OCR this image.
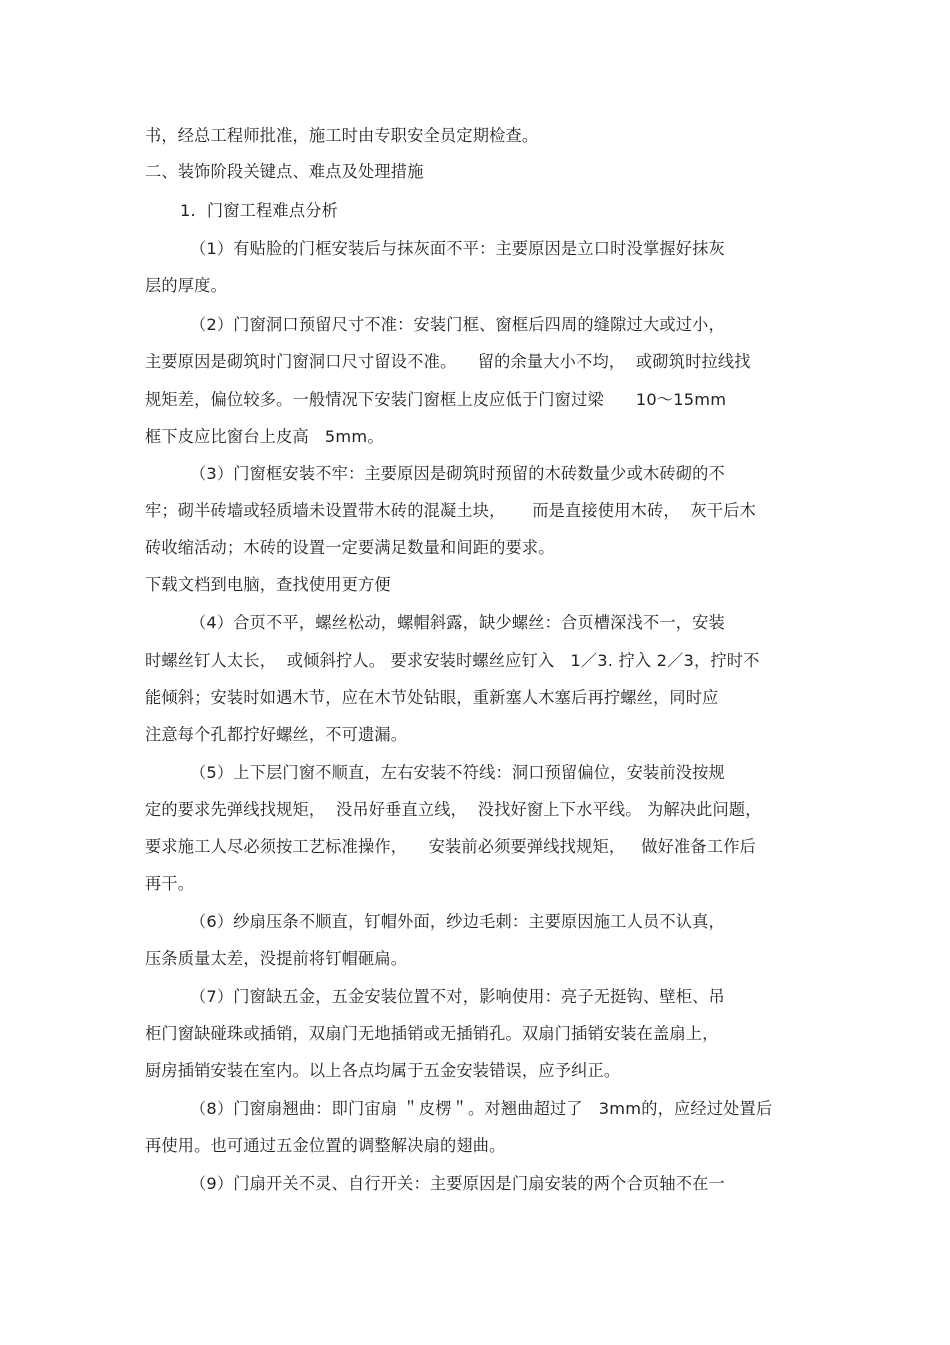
书，经总工程师批准，施工时由专职安全员定期检查。
二、装饰阶段关键点、难点及处理措施
1．门窗工程难点分析
（1）有贴脸的门框安装后与抹灰面不平：主要原因是立口时没掌握好抹灰
层的厚度。
（2）门窗洞口预留尺寸不准：安装门框、窗框后四周的缝隙过大或过小，
主要原因是砌筑时门窗洞口尺寸留设不准。    留的余量大小不均，  或砌筑时拉线找
规矩差，偏位较多。一般情况下安装门窗框上皮应低于门窗过梁      10～15mm
框下皮应比窗台上皮高   5mm。
（3）门窗框安装不牢：主要原因是砌筑时预留的木砖数量少或木砖砌的不
牢；砌半砖墙或轻质墙未设置带木砖的混凝土块，     而是直接使用木砖，  灰干后木
砖收缩活动；木砖的设置一定要满足数量和间距的要求。
下载文档到电脑，查找使用更方便
（4）合页不平，螺丝松动，螺帽斜露，缺少螺丝：合页槽深浅不一，安装
时螺丝钉人太长，  或倾斜拧人。 要求安装时螺丝应钉入   1／3. 拧入 2／3，拧时不
能倾斜；安装时如遇木节，应在木节处钻眼，重新塞人木塞后再拧螺丝，同时应
注意每个孔都拧好螺丝，不可遗漏。
（5）上下层门窗不顺直，左右安装不符线：洞口预留偏位，安装前没按规
定的要求先弹线找规矩，  没吊好垂直立线，  没找好窗上下水平线。 为解决此问题，
要求施工人尽必须按工艺标准操作，    安装前必须要弹线找规矩，   做好准备工作后
再干。
（6）纱扇压条不顺直，钉帽外面，纱边毛刺：主要原因施工人员不认真，
压条质量太差，没提前将钉帽砸扁。
（7）门窗缺五金，五金安装位置不对，影响使用：亮子无挺钩、壁柜、吊
柜门窗缺碰珠或插销，双扇门无地插销或无插销孔。双扇门插销安装在盖扇上，
厨房插销安装在室内。以上各点均属于五金安装错误，应予纠正。
（8）门窗扇翘曲：即门宙扇 ＂皮楞＂。对翘曲超过了   3mm的，应经过处置后
再使用。也可通过五金位置的调整解决扇的翅曲。
（9）门扇开关不灵、自行开关：主要原因是门扇安装的两个合页轴不在一
